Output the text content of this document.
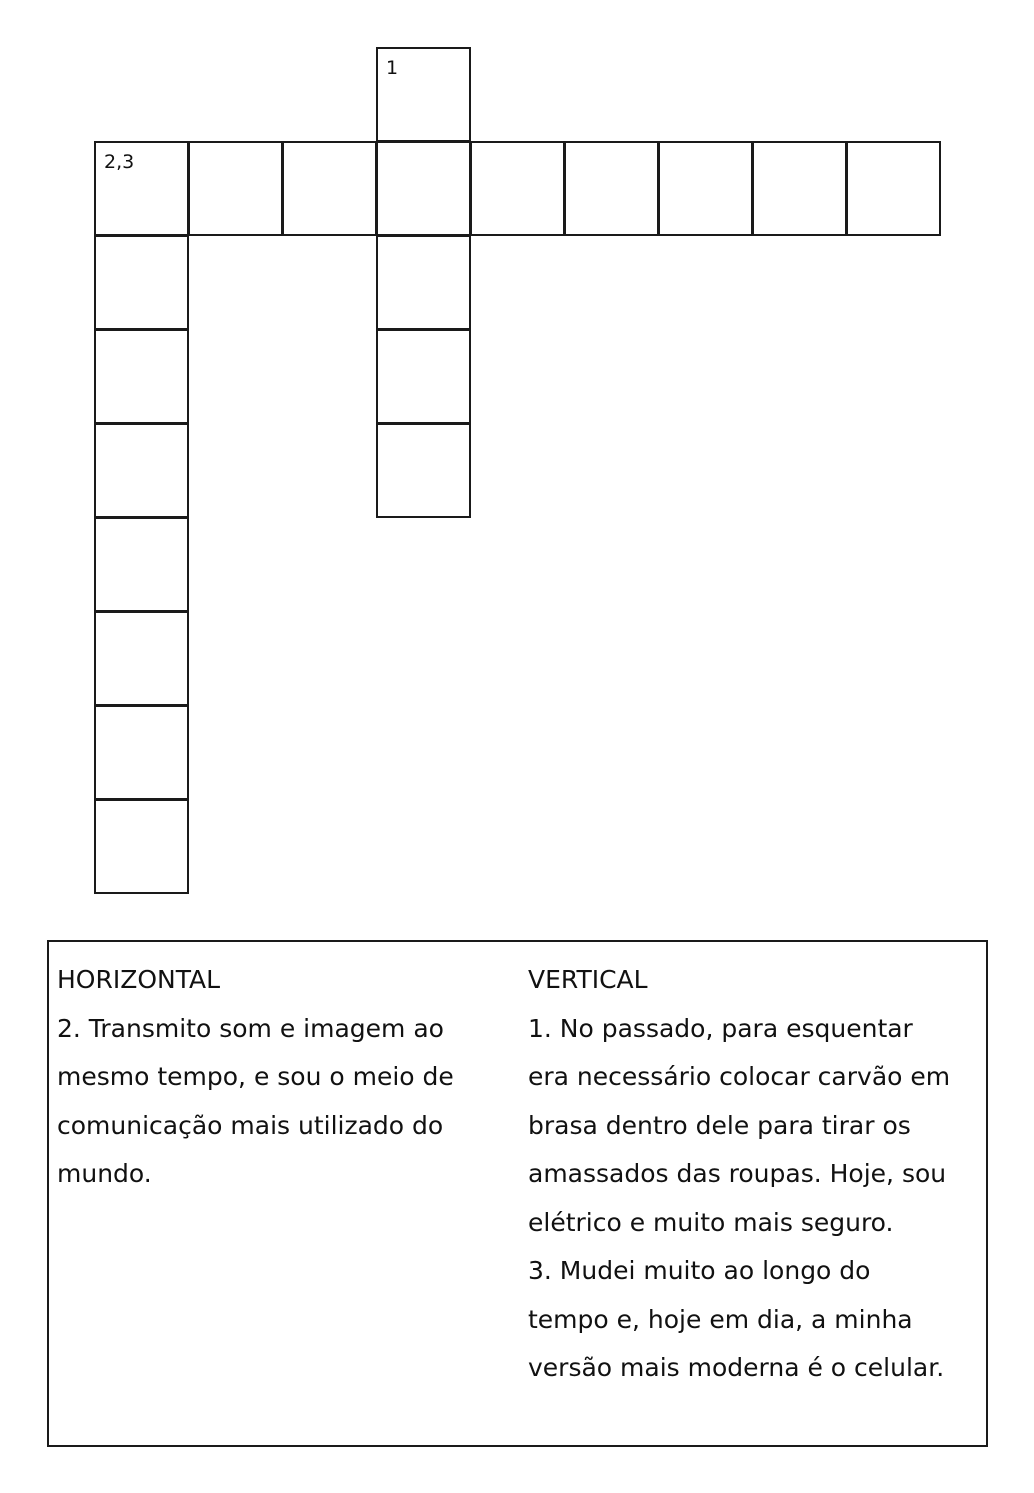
1
2,3

HORIZONTAL

2. Transmito som e imagem ao

mesmo tempo, e sou o meio de

comunicação mais utilizado do

mundo.

VERTICAL

1. No passado, para esquentar

era necessário colocar carvão em

brasa dentro dele para tirar os

amassados das roupas. Hoje, sou

elétrico e muito mais seguro.

3. Mudei muito ao longo do

tempo e, hoje em dia, a minha

versão mais moderna é o celular.
